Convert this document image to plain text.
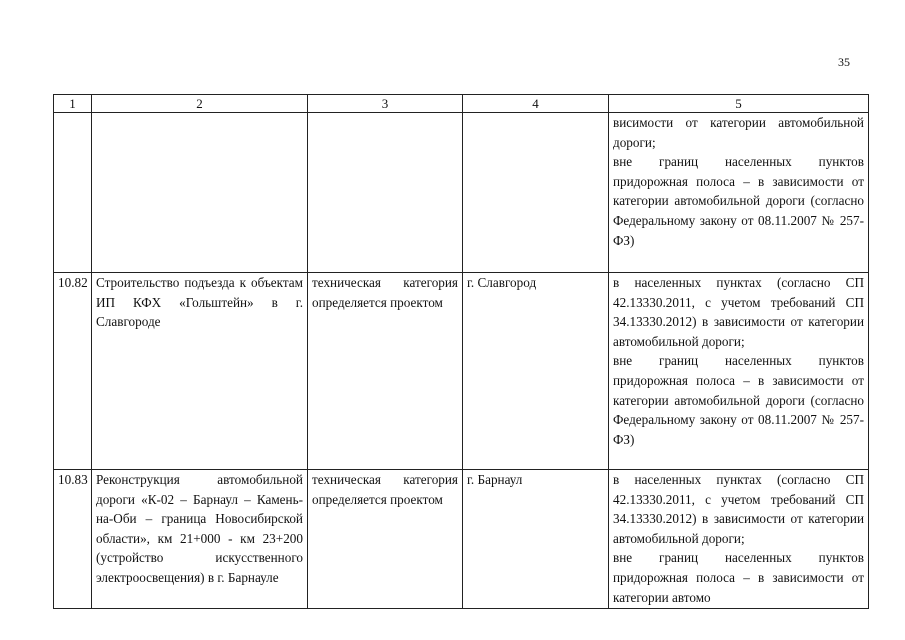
35
1	2	3	4	5

				висимости от категории автомобильной дороги;
вне границ населенных пунктов придорожная полоса – в зависимости от категории автомобильной дороги (согласно Федеральному закону от 08.11.2007 № 257-ФЗ)

10.82	Строительство подъезда к объектам ИП КФХ «Гольштейн» в г. Славгороде	техническая категория определяется проектом	г. Славгород	в населенных пунктах (согласно СП 42.13330.2011, с учетом требований СП 34.13330.2012) в зависимости от категории автомобильной дороги;
вне границ населенных пунктов придорожная полоса – в зависимости от категории автомобильной дороги (согласно Федеральному закону от 08.11.2007 № 257-ФЗ)

10.83	Реконструкция автомобильной дороги «К-02 – Барнаул – Камень-на-Оби – граница Новосибирской области», км 21+000 - км 23+200 (устройство искусственного электроосвещения) в г. Барнауле	техническая категория определяется проектом	г. Барнаул	в населенных пунктах (согласно СП 42.13330.2011, с учетом требований СП 34.13330.2012) в зависимости от категории автомобильной дороги;
вне границ населенных пунктов придорожная полоса – в зависимости от категории автомо
